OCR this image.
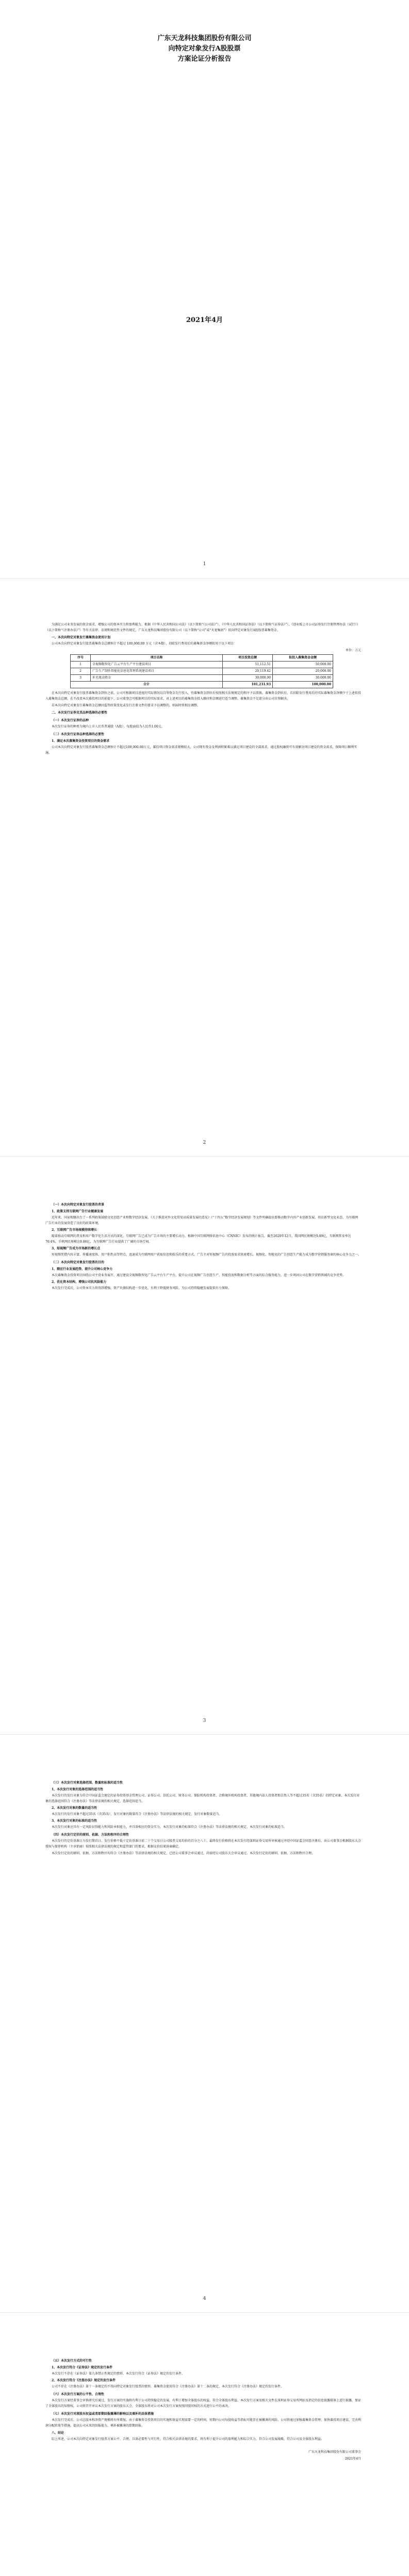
广东天龙科技集团股份有限公司
向特定对象发行A股股票
方案论证分析报告
2021年4月
1

为满足公司业务发展的资金需求，增强公司的资本实力和盈利能力，根据《中华人民共和国公司法》（以下简称“《公司法》”）、《中华人民共和国证券法》（以下简称“《证券法》”）、《创业板上市公司证券发行注册管理办法（试行）》（以下简称“《注册办法》”）等有关法律、法规和规范性文件的规定，广东天龙科技集团股份有限公司（以下简称“公司”或“天龙集团”）拟向特定对象发行A股股票募集资金。

一、本次向特定对象发行募集资金使用计划

公司本次向特定对象发行股票募集资金总额预计不超过 100,000.00 万元（含本数），扣除发行费用后的募集资金净额拟用于以下项目：

单位：万元
序号	项目名称	项目投资总额	拟投入募集资金金额
1	全视频数智化广告云平台生产平台建设项目	51,112.51	50,000.00
2	广告生产制作智能化信息化管理系统建设项目	20,119.42	20,000.00
3	补充流动资金	30,000.00	30,000.00
合计		101,231.93	100,000.00

在本次向特定对象发行股票募集资金到位之前，公司可根据项目进度的实际情况以自筹资金先行投入，待募集资金到位后按照相关法规规定的程序予以置换。募集资金到位后，若扣除发行费用后的实际募集资金净额少于上述拟投入募集资金总额，在不改变本次募投项目的前提下，公司董事会可根据项目的实际需求，对上述项目的募集资金投入顺序和金额进行适当调整，募集资金不足部分由公司自筹解决。

若本次向特定对象发行募集资金总额因监管政策变化或发行注册文件的要求予以调整的，则届时将相应调整。

二、本次发行证券及其品种选择的必要性
（一）本次发行证券的品种

本次发行证券的种类为境内上市人民币普通股（A股），每股面值为人民币1.00元。

（二）本次发行证券品种选择的必要性
1、满足本次募集资金投资项目的资金需求

公司本次向特定对象发行股票募集资金总额预计不超过100,000.00万元，募投项目资金需求规模较大，公司现有资金及利润积累难以满足项目建设的全部需求，通过股权融资可有效解决项目建设的资金需求，保障项目顺利实施。

2
（一）本次向特定对象发行股票的背景
1、政策支持互联网广告行业健康发展

近年来，国家相继出台了一系列政策鼓励文化创意产业和数字经济发展。《关于推进对外文化贸易高质量发展的意见》《“十四五”数字经济发展规划》等文件明确提出要推动数字内容产业创新发展，培育新型文化业态，为互联网广告行业的发展营造了良好的政策环境。

2、互联网广告市场规模持续增长

随着移动互联网的普及和用户数字化生活方式的深化，互联网广告已成为广告市场的主要增长动力。根据中国互联网络信息中心（CNNIC）发布的统计报告，截至2020年12月，我国网民规模达9.89亿，互联网普及率达70.4%，手机网民规模达9.86亿，为互联网广告行业提供了广阔的市场空间。

3、短视频广告成为市场新的增长点

短视频凭借内容丰富、传播速度快、用户粘性高等特点，迅速成为互联网用户获取信息和娱乐的重要方式。广告主对短视频广告的投放需求快速增长，视频化、智能化的广告创意生产能力成为数字营销服务商的核心竞争力之一。

（二）本次向特定对象发行股票的目的
1、顺应行业发展趋势，提升公司核心竞争力

本次募集资金投资项目围绕公司主营业务展开，通过建设全视频数智化广告云平台生产平台，提升公司在视频广告创意生产、智能投放和数据分析等方面的综合服务能力，进一步巩固公司在数字营销领域的竞争优势。

2、优化资本结构，增强公司抗风险能力

本次发行完成后，公司资本实力将得到增强，资产负债结构进一步优化，有利于降低财务风险，为公司持续稳健发展提供有力保障。

3
（三）本次发行对象选择范围、数量和标准的适当性
1、本次发行对象的选择范围的适当性

本次发行的发行对象为符合中国证监会规定的证券投资基金管理公司、证券公司、信托公司、财务公司、保险机构投资者、合格境外机构投资者、其他境内法人投资者和自然人等不超过35名（含35名）的特定对象。本次发行对象的选择范围符合《注册办法》等法律法规的相关规定，选择范围适当。

2、本次发行对象的数量的适当性

本次发行的发行对象不超过35名（含35名），发行对象的数量符合《注册办法》等法律法规的相关规定，发行对象数量适当。

3、本次发行对象的标准的适当性

本次发行对象应具有一定风险识别能力和风险承担能力，并具备相应的资金实力。本次发行对象的标准符合《注册办法》等法律法规的相关规定，本次发行对象的标准适当。

（四）本次发行定价的原则、依据、方法和程序的合理性

本次发行的定价基准日为发行期首日。发行价格不低于定价基准日前二十个交易日公司股票交易均价的百分之八十。最终发行价格将在本次发行经深圳证券交易所审核通过并经中国证监会同意注册后，由公司董事会根据股东大会授权与保荐机构（主承销商）按照相关法律法规的规定和监管部门的要求，根据竞价结果协商确定。

本次发行定价的原则、依据、方法和程序均符合《注册办法》等法律法规的相关规定，已经公司董事会审议通过，尚需经公司股东大会审议通过，本次发行定价的原则、依据、方法和程序合理。

4
（五）本次发行方式的可行性
1、本次发行符合《证券法》规定的发行条件

本次发行不存在《证券法》第九条禁止性规定的情形，本次发行符合《证券法》规定的发行条件。

2、本次发行符合《注册办法》规定的发行条件

公司不存在《注册办法》第十一条规定的不得向特定对象发行股票的情形，募集资金使用符合《注册办法》第十二条的规定，本次发行符合《注册办法》规定的发行条件。

（六）本次发行方案的公平性、合理性

本次发行方案经董事会审慎研究后通过，发行方案的实施将有利于公司持续稳定的发展，有利于增加全体股东的权益，符合全体股东利益。本次发行方案及相关文件在深圳证券交易所网站及指定的信息披露媒体上进行披露，保证了全体股东的知情权。公司将召开审议本次发行方案的股东大会，全体股东将对公司本次发行方案按照同股同权的方式进行公平的表决。

（七）本次发行对原股东权益或者即期回报摊薄的影响以及填补的具体措施

本次发行完成后，公司总股本和净资产规模将有所增加，由于募集资金投资项目的实施和效益实现需要一定的时间，短期内公司每股收益等指标可能存在被摊薄的风险。公司将通过加强募集资金管理、加快募投项目建设、完善利润分配政策等措施，提高公司未来的回报能力，填补被摊薄的即期回报。

八、结论

综上所述，公司本次向特定对象发行股票方案公平、合理，具备必要性与可行性，符合相关法律法规的要求，将有利于提升公司的盈利能力和综合实力，符合公司发展战略，符合公司及全体股东利益。

广东天龙科技集团股份有限公司董事会
2021年4月
